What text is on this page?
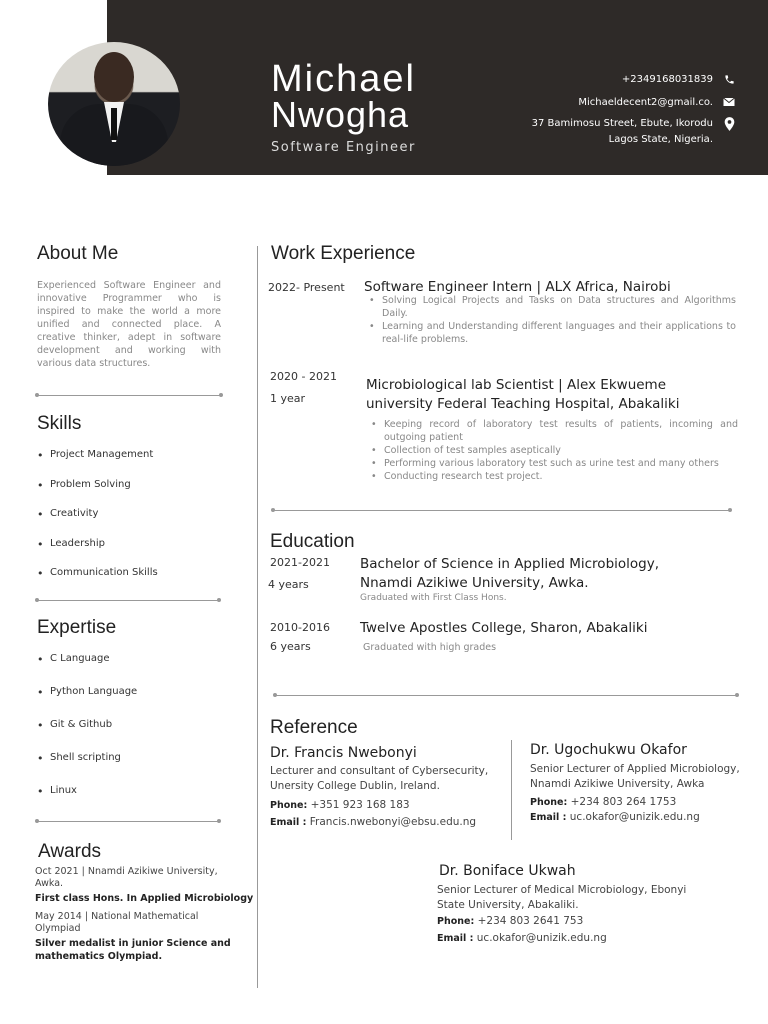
Michael
Nwogha
Software Engineer
+2349168031839
Michaeldecent2@gmail.co.
37 Bamimosu Street, Ebute, Ikorodu
Lagos State, Nigeria.
About Me
Experienced Software Engineer and innovative Programmer who is inspired to make the world a more unified and connected place. A creative thinker, adept in software development and working with various data structures.
Skills
• Project Management
• Problem Solving
• Creativity
• Leadership
• Communication Skills
Expertise
• C Language
• Python Language
• Git & Github
• Shell scripting
• Linux
Awards
Oct 2021 | Nnamdi Azikiwe University, Awka.
First class Hons. In Applied Microbiology
May 2014 | National Mathematical Olympiad
Silver medalist in junior Science and mathematics Olympiad.
Work Experience
2022- Present Software Engineer Intern | ALX Africa, Nairobi
• Solving Logical Projects and Tasks on Data structures and Algorithms Daily.
• Learning and Understanding different languages and their applications to real-life problems.
2020 - 2021
1 year
Microbiological lab Scientist | Alex Ekwueme university Federal Teaching Hospital, Abakaliki
• Keeping record of laboratory test results of patients, incoming and outgoing patient
• Collection of test samples aseptically
• Performing various laboratory test such as urine test and many others
• Conducting research test project.
Education
2021-2021
4 years
Bachelor of Science in Applied Microbiology, Nnamdi Azikiwe University, Awka.
Graduated with First Class Hons.
2010-2016
6 years
Twelve Apostles College, Sharon, Abakaliki
Graduated with high grades
Reference
Dr. Francis Nwebonyi
Lecturer and consultant of Cybersecurity, Unersity College Dublin, Ireland.
Phone: +351 923 168 183
Email : Francis.nwebonyi@ebsu.edu.ng
Dr. Ugochukwu Okafor
Senior Lecturer of Applied Microbiology, Nnamdi Azikiwe University, Awka
Phone: +234 803 264 1753
Email : uc.okafor@unizik.edu.ng
Dr. Boniface Ukwah
Senior Lecturer of Medical Microbiology, Ebonyi State University, Abakaliki.
Phone: +234 803 2641 753
Email : uc.okafor@unizik.edu.ng
